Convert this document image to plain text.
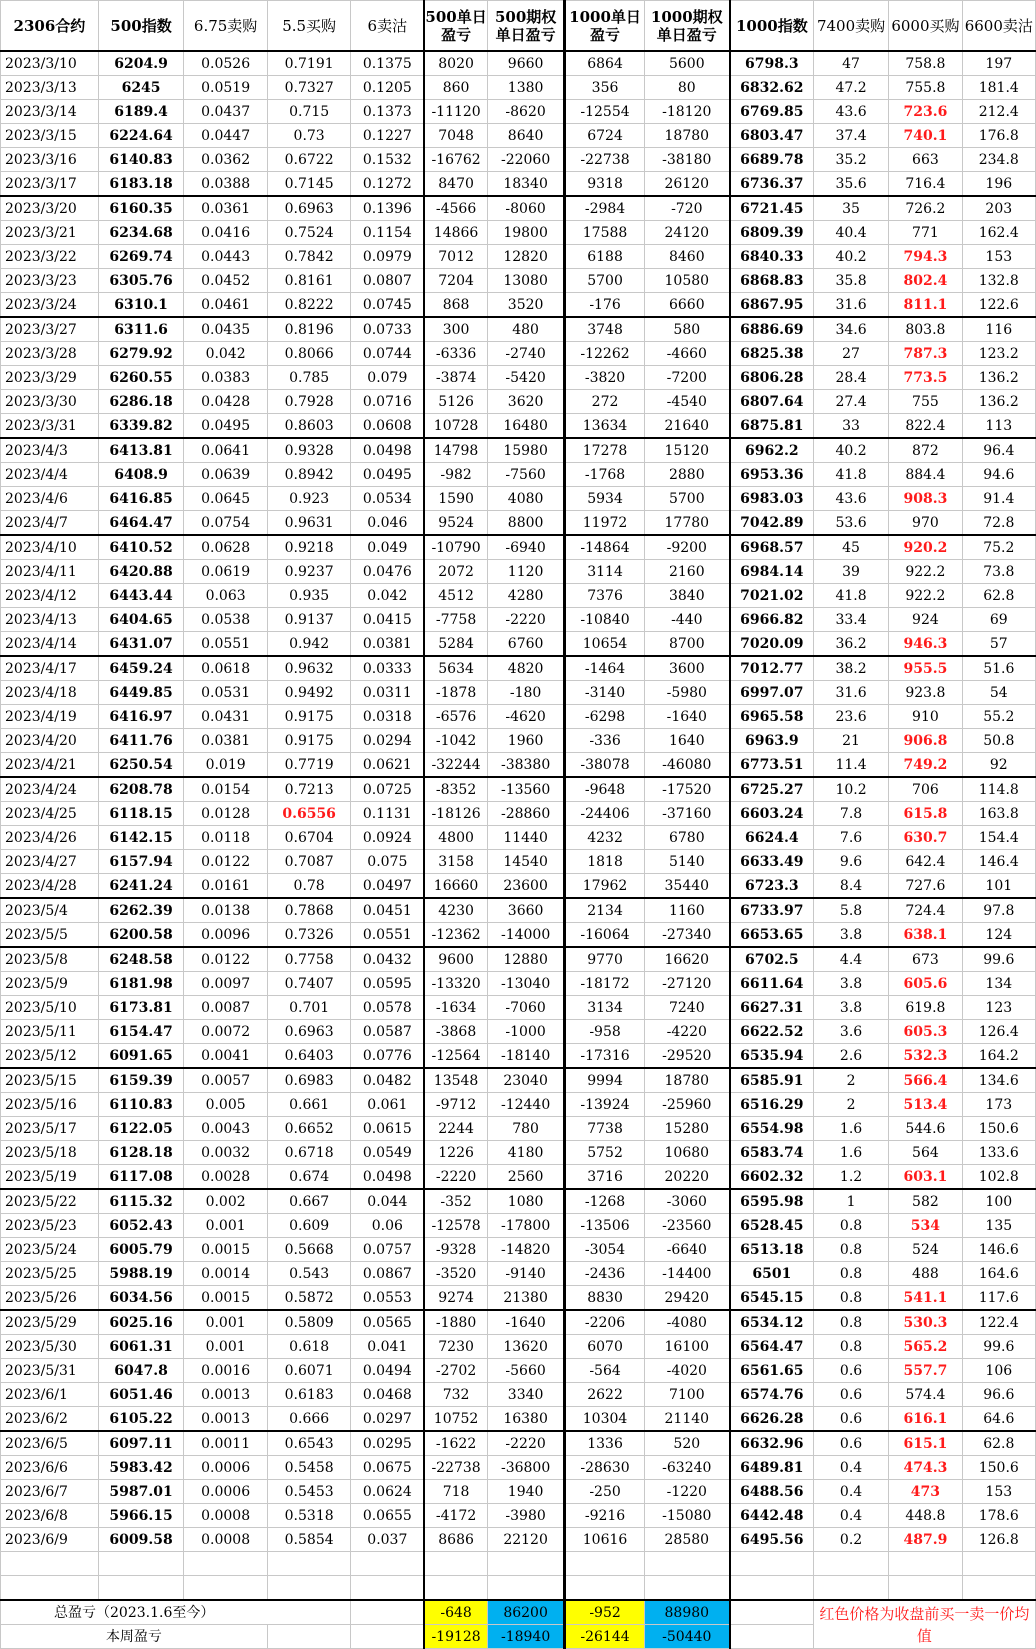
2306合约	500指数	6.75卖购	5.5买购	6卖沽	500单日盈亏	500期权单日盈亏	1000单日盈亏	1000期权单日盈亏	1000指数	7400卖购	6000买购	6600卖沽
2023/3/10	6204.9	0.0526	0.7191	0.1375	8020	9660	6864	5600	6798.3	47	758.8	197
2023/3/13	6245	0.0519	0.7327	0.1205	860	1380	356	80	6832.62	47.2	755.8	181.4
2023/3/14	6189.4	0.0437	0.715	0.1373	-11120	-8620	-12554	-18120	6769.85	43.6	723.6	212.4
2023/3/15	6224.64	0.0447	0.73	0.1227	7048	8640	6724	18780	6803.47	37.4	740.1	176.8
2023/3/16	6140.83	0.0362	0.6722	0.1532	-16762	-22060	-22738	-38180	6689.78	35.2	663	234.8
2023/3/17	6183.18	0.0388	0.7145	0.1272	8470	18340	9318	26120	6736.37	35.6	716.4	196
2023/3/20	6160.35	0.0361	0.6963	0.1396	-4566	-8060	-2984	-720	6721.45	35	726.2	203
2023/3/21	6234.68	0.0416	0.7524	0.1154	14866	19800	17588	24120	6809.39	40.4	771	162.4
2023/3/22	6269.74	0.0443	0.7842	0.0979	7012	12820	6188	8460	6840.33	40.2	794.3	153
2023/3/23	6305.76	0.0452	0.8161	0.0807	7204	13080	5700	10580	6868.83	35.8	802.4	132.8
2023/3/24	6310.1	0.0461	0.8222	0.0745	868	3520	-176	6660	6867.95	31.6	811.1	122.6
2023/3/27	6311.6	0.0435	0.8196	0.0733	300	480	3748	580	6886.69	34.6	803.8	116
2023/3/28	6279.92	0.042	0.8066	0.0744	-6336	-2740	-12262	-4660	6825.38	27	787.3	123.2
2023/3/29	6260.55	0.0383	0.785	0.079	-3874	-5420	-3820	-7200	6806.28	28.4	773.5	136.2
2023/3/30	6286.18	0.0428	0.7928	0.0716	5126	3620	272	-4540	6807.64	27.4	755	136.2
2023/3/31	6339.82	0.0495	0.8603	0.0608	10728	16480	13634	21640	6875.81	33	822.4	113
2023/4/3	6413.81	0.0641	0.9328	0.0498	14798	15980	17278	15120	6962.2	40.2	872	96.4
2023/4/4	6408.9	0.0639	0.8942	0.0495	-982	-7560	-1768	2880	6953.36	41.8	884.4	94.6
2023/4/6	6416.85	0.0645	0.923	0.0534	1590	4080	5934	5700	6983.03	43.6	908.3	91.4
2023/4/7	6464.47	0.0754	0.9631	0.046	9524	8800	11972	17780	7042.89	53.6	970	72.8
2023/4/10	6410.52	0.0628	0.9218	0.049	-10790	-6940	-14864	-9200	6968.57	45	920.2	75.2
2023/4/11	6420.88	0.0619	0.9237	0.0476	2072	1120	3114	2160	6984.14	39	922.2	73.8
2023/4/12	6443.44	0.063	0.935	0.042	4512	4280	7376	3840	7021.02	41.8	922.2	62.8
2023/4/13	6404.65	0.0538	0.9137	0.0415	-7758	-2220	-10840	-440	6966.82	33.4	924	69
2023/4/14	6431.07	0.0551	0.942	0.0381	5284	6760	10654	8700	7020.09	36.2	946.3	57
2023/4/17	6459.24	0.0618	0.9632	0.0333	5634	4820	-1464	3600	7012.77	38.2	955.5	51.6
2023/4/18	6449.85	0.0531	0.9492	0.0311	-1878	-180	-3140	-5980	6997.07	31.6	923.8	54
2023/4/19	6416.97	0.0431	0.9175	0.0318	-6576	-4620	-6298	-1640	6965.58	23.6	910	55.2
2023/4/20	6411.76	0.0381	0.9175	0.0294	-1042	1960	-336	1640	6963.9	21	906.8	50.8
2023/4/21	6250.54	0.019	0.7719	0.0621	-32244	-38380	-38078	-46080	6773.51	11.4	749.2	92
2023/4/24	6208.78	0.0154	0.7213	0.0725	-8352	-13560	-9648	-17520	6725.27	10.2	706	114.8
2023/4/25	6118.15	0.0128	0.6556	0.1131	-18126	-28860	-24406	-37160	6603.24	7.8	615.8	163.8
2023/4/26	6142.15	0.0118	0.6704	0.0924	4800	11440	4232	6780	6624.4	7.6	630.7	154.4
2023/4/27	6157.94	0.0122	0.7087	0.075	3158	14540	1818	5140	6633.49	9.6	642.4	146.4
2023/4/28	6241.24	0.0161	0.78	0.0497	16660	23600	17962	35440	6723.3	8.4	727.6	101
2023/5/4	6262.39	0.0138	0.7868	0.0451	4230	3660	2134	1160	6733.97	5.8	724.4	97.8
2023/5/5	6200.58	0.0096	0.7326	0.0551	-12362	-14000	-16064	-27340	6653.65	3.8	638.1	124
2023/5/8	6248.58	0.0122	0.7758	0.0432	9600	12880	9770	16620	6702.5	4.4	673	99.6
2023/5/9	6181.98	0.0097	0.7407	0.0595	-13320	-13040	-18172	-27120	6611.64	3.8	605.6	134
2023/5/10	6173.81	0.0087	0.701	0.0578	-1634	-7060	3134	7240	6627.31	3.8	619.8	123
2023/5/11	6154.47	0.0072	0.6963	0.0587	-3868	-1000	-958	-4220	6622.52	3.6	605.3	126.4
2023/5/12	6091.65	0.0041	0.6403	0.0776	-12564	-18140	-17316	-29520	6535.94	2.6	532.3	164.2
2023/5/15	6159.39	0.0057	0.6983	0.0482	13548	23040	9994	18780	6585.91	2	566.4	134.6
2023/5/16	6110.83	0.005	0.661	0.061	-9712	-12440	-13924	-25960	6516.29	2	513.4	173
2023/5/17	6122.05	0.0043	0.6652	0.0615	2244	780	7738	15280	6554.98	1.6	544.6	150.6
2023/5/18	6128.18	0.0032	0.6718	0.0549	1226	4180	5752	10680	6583.74	1.6	564	133.6
2023/5/19	6117.08	0.0028	0.674	0.0498	-2220	2560	3716	20220	6602.32	1.2	603.1	102.8
2023/5/22	6115.32	0.002	0.667	0.044	-352	1080	-1268	-3060	6595.98	1	582	100
2023/5/23	6052.43	0.001	0.609	0.06	-12578	-17800	-13506	-23560	6528.45	0.8	534	135
2023/5/24	6005.79	0.0015	0.5668	0.0757	-9328	-14820	-3054	-6640	6513.18	0.8	524	146.6
2023/5/25	5988.19	0.0014	0.543	0.0867	-3520	-9140	-2436	-14400	6501	0.8	488	164.6
2023/5/26	6034.56	0.0015	0.5872	0.0553	9274	21380	8830	29420	6545.15	0.8	541.1	117.6
2023/5/29	6025.16	0.001	0.5809	0.0565	-1880	-1640	-2206	-4080	6534.12	0.8	530.3	122.4
2023/5/30	6061.31	0.001	0.618	0.041	7230	13620	6070	16100	6564.47	0.8	565.2	99.6
2023/5/31	6047.8	0.0016	0.6071	0.0494	-2702	-5660	-564	-4020	6561.65	0.6	557.7	106
2023/6/1	6051.46	0.0013	0.6183	0.0468	732	3340	2622	7100	6574.76	0.6	574.4	96.6
2023/6/2	6105.22	0.0013	0.666	0.0297	10752	16380	10304	21140	6626.28	0.6	616.1	64.6
2023/6/5	6097.11	0.0011	0.6543	0.0295	-1622	-2220	1336	520	6632.96	0.6	615.1	62.8
2023/6/6	5983.42	0.0006	0.5458	0.0675	-22738	-36800	-28630	-63240	6489.81	0.4	474.3	150.6
2023/6/7	5987.01	0.0006	0.5453	0.0624	718	1940	-250	-1220	6488.56	0.4	473	153
2023/6/8	5966.15	0.0008	0.5318	0.0655	-4172	-3980	-9216	-15080	6442.48	0.4	448.8	178.6
2023/6/9	6009.58	0.0008	0.5854	0.037	8686	22120	10616	28580	6495.56	0.2	487.9	126.8

总盈亏（2023.1.6至今）					-648	86200	-952	88980		红色价格为收盘前买一卖一价均值		
本周盈亏					-19128	-18940	-26144	-50440				
